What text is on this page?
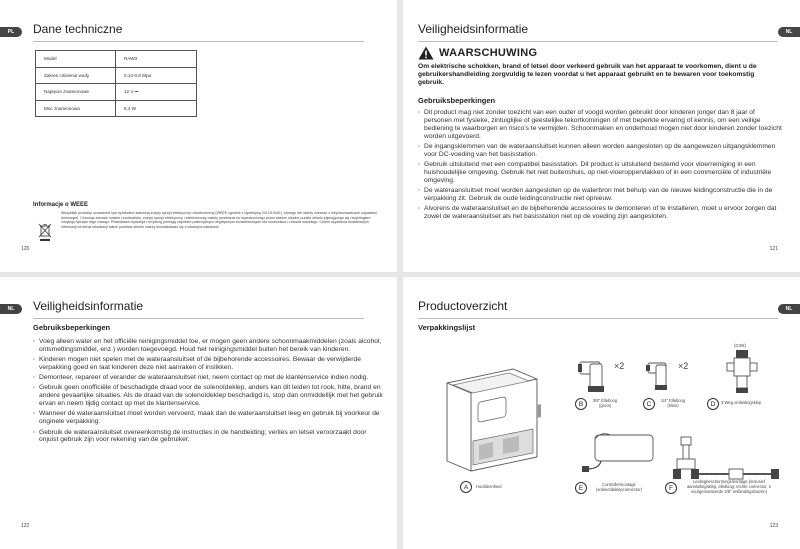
PL	Dane techniczne
Model	RAW3
Zakres ciśnienia wody	0,14-0,8 Mpa
Napięcie znamionowe	12 V ⎓
Moc znamionowa	8,4 W
Informacje o WEEE
Wszystkie produkty oznaczone tym symbolem stanowią zużyty sprzęt elektryczny i elektroniczny (WEEE zgodnie z dyrektywą 2012/19/UE), którego nie należy mieszać z nieposortowanymi odpadami domowymi. Chroniąc zdrowie ludzkie i środowisko, zużyty sprzęt elektryczny i elektroniczny należy przekazać do wyznaczonego przez władze lokalne punktu zbiórki zajmującego się recyklingiem zużytego sprzętu tego rodzaju. Prawidłowa utylizacja i recykling pomogą zapobiec potencjalnym negatywnym konsekwencjom dla środowiska i zdrowia ludzkiego. Celem uzyskania dodatkowych informacji na temat lokalizacji takich punktów zbiórki należy skontaktować się z lokalnymi władzami.
120
NL
Veiligheidsinformatie
WAARSCHUWING
Om elektrische schokken, brand of letsel door verkeerd gebruik van het apparaat te voorkomen, dient u de gebruikershandleiding zorgvuldig te lezen voordat u het apparaat gebruikt en te bewaren voor toekomstig gebruik.
Gebruiksbeperkingen
· Dit product mag niet zonder toezicht van een ouder of voogd worden gebruikt door kinderen jonger dan 8 jaar of personen met fysieke, zintuiglijke of geestelijke tekortkomingen of met beperkte ervaring of kennis, om een veilige bediening te waarborgen en risico's te vermijden. Schoonmaken en onderhoud mogen niet door kinderen zonder toezicht worden uitgevoerd.
· De ingangsklemmen van de wateraansluitset kunnen alleen worden aangesloten op de aangewezen uitgangsklemmen voor DC-voeding van het basisstation.
· Gebruik uitsluitend met een compatibel basisstation. Dit product is uitsluitend bestemd voor vloerreiniging in een huishoudelijke omgeving. Gebruik het niet buitenshuis, op niet-vloeroppervlakken of in een commerciële of industriële omgeving.
· De wateraansluitset moet worden aangesloten op de waterbron met behulp van de nieuwe leidingconstructie die in de verpakking zit. Gebruik de oude leidingconstructie niet opnieuw.
· Alvorens de wateraansluitset en de bijbehorende accessoires te demonteren of te installeren, moet u ervoor zorgen dat zowel de wateraansluitset als het basisstation niet op de voeding zijn aangesloten.
121
NL	Veiligheidsinformatie
Gebruiksbeperkingen
· Voeg alleen water en het officiële reinigingsmiddel toe, er mogen geen andere schoonmaakmiddelen (zoals alcohol, ontsmettingsmiddel, enz.) worden toegevoegd. Houd het reinigingsmiddel buiten het bereik van kinderen.
· Kinderen mogen niet spelen met de wateraansluitset of de bijbehorende accessoires. Bewaar de verwijderde verpakking goed en laat kinderen deze niet aanraken of inslikken.
· Demonteer, repareer of verander de wateraansluitset niet, neem contact op met de klantenservice indien nodig.
· Gebruik geen onofficiële of beschadigde draad voor de solenoïdeklep, anders kan dit leiden tot rook, hitte, brand en andere gevaarlijke situaties. Als de draad van de solenoïdeklep beschadigd is, stop dan onmiddellijk met het gebruik ervan en neem tijdig contact op met de klantenservice.
· Wanneer de wateraansluitset moet worden vervoerd, maak dan de wateraansluitset leeg en gebruik bij voorkeur de originele verpakking.
· Gebruik de wateraansluitset overeenkomstig de instructies in de handleiding; verlies en letsel veroorzaakt door onjuist gebruik zijn voor rekening van de gebruiker.
122
NL
Productoverzicht
Verpakkingslijst
A	Hoofdeenheid
×2
B	3/8" Elleboog (groot)
×2
C	1/4" Elleboog (klein)
(G3/8)
D	3-Weg omleidingsklep
E	Controllermontage (solenoïdeklepconnector)	F
Leidingbeschermingsmontage (inclusief aansluitingsklep, elleboog, rechte connector, 2 voorgemonteerde 3/8" verbindingsbuizen)
123
